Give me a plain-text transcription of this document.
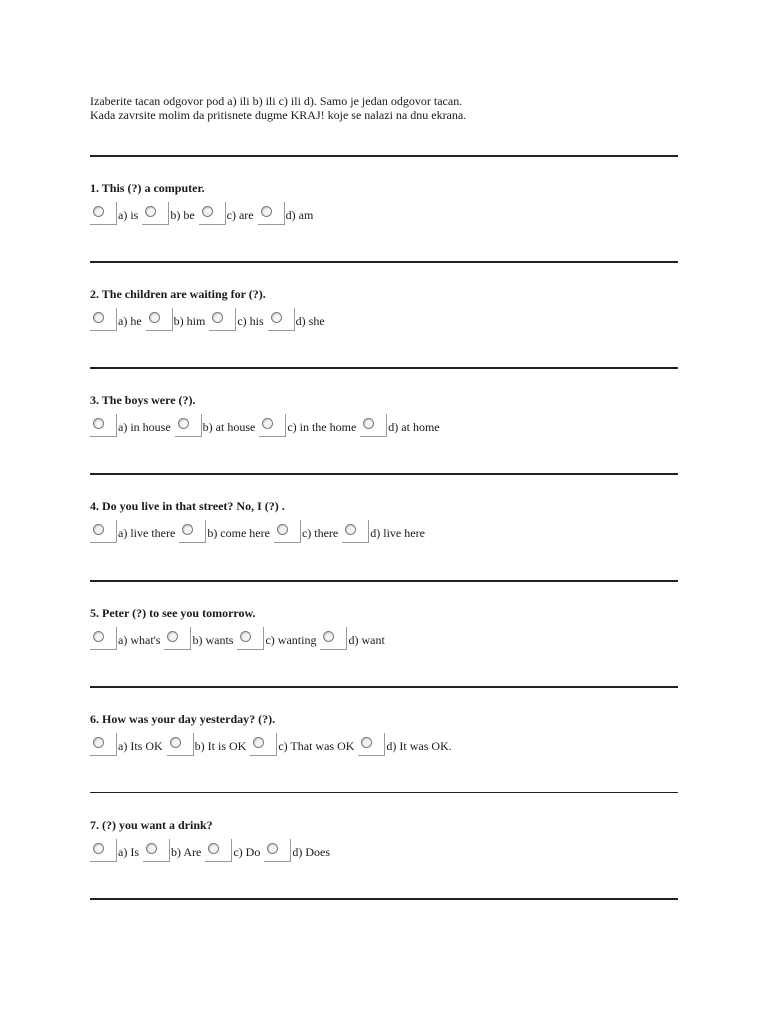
Izaberite tacan odgovor pod a) ili b) ili c) ili d). Samo je jedan odgovor tacan.
Kada zavrsite molim da pritisnete dugme KRAJ! koje se nalazi na dnu ekrana.
1. This (?) a computer.
a) is	b) be	c) are	d) am
2. The children are waiting for (?).
a) he	b) him	c) his	d) she
3. The boys were (?).
a) in house	b) at house	c) in the home	d) at home
4. Do you live in that street? No, I (?) .
a) live there	b) come here	c) there	d) live here
5. Peter (?) to see you tomorrow.
a) what's	b) wants	c) wanting	d) want
6. How was your day yesterday? (?).
a) Its OK	b) It is OK	c) That was OK	d) It was OK.
7. (?) you want a drink?
a) Is	b) Are	c) Do	d) Does
